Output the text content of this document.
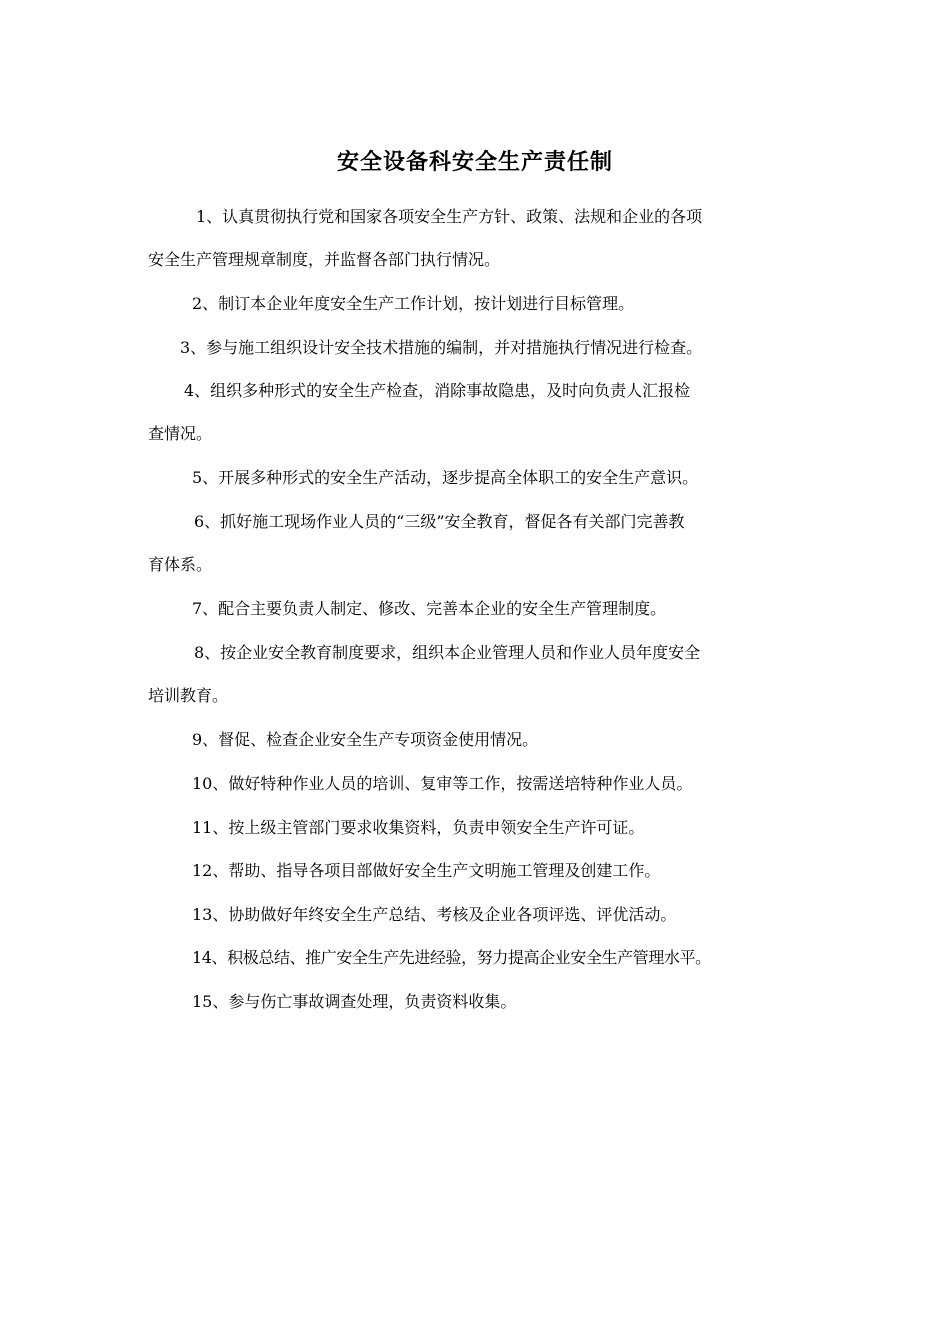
安全设备科安全生产责任制
1、认真贯彻执行党和国家各项安全生产方针、政策、法规和企业的各项
安全生产管理规章制度，并监督各部门执行情况。
2、制订本企业年度安全生产工作计划，按计划进行目标管理。
3、参与施工组织设计安全技术措施的编制，并对措施执行情况进行检查。
4、组织多种形式的安全生产检查，消除事故隐患，及时向负责人汇报检
查情况。
5、开展多种形式的安全生产活动，逐步提高全体职工的安全生产意识。
6、抓好施工现场作业人员的“三级”安全教育，督促各有关部门完善教
育体系。
7、配合主要负责人制定、修改、完善本企业的安全生产管理制度。
8、按企业安全教育制度要求，组织本企业管理人员和作业人员年度安全
培训教育。
9、督促、检查企业安全生产专项资金使用情况。
10、做好特种作业人员的培训、复审等工作，按需送培特种作业人员。
11、按上级主管部门要求收集资料，负责申领安全生产许可证。
12、帮助、指导各项目部做好安全生产文明施工管理及创建工作。
13、协助做好年终安全生产总结、考核及企业各项评选、评优活动。
14、积极总结、推广安全生产先进经验，努力提高企业安全生产管理水平。
15、参与伤亡事故调查处理，负责资料收集。
